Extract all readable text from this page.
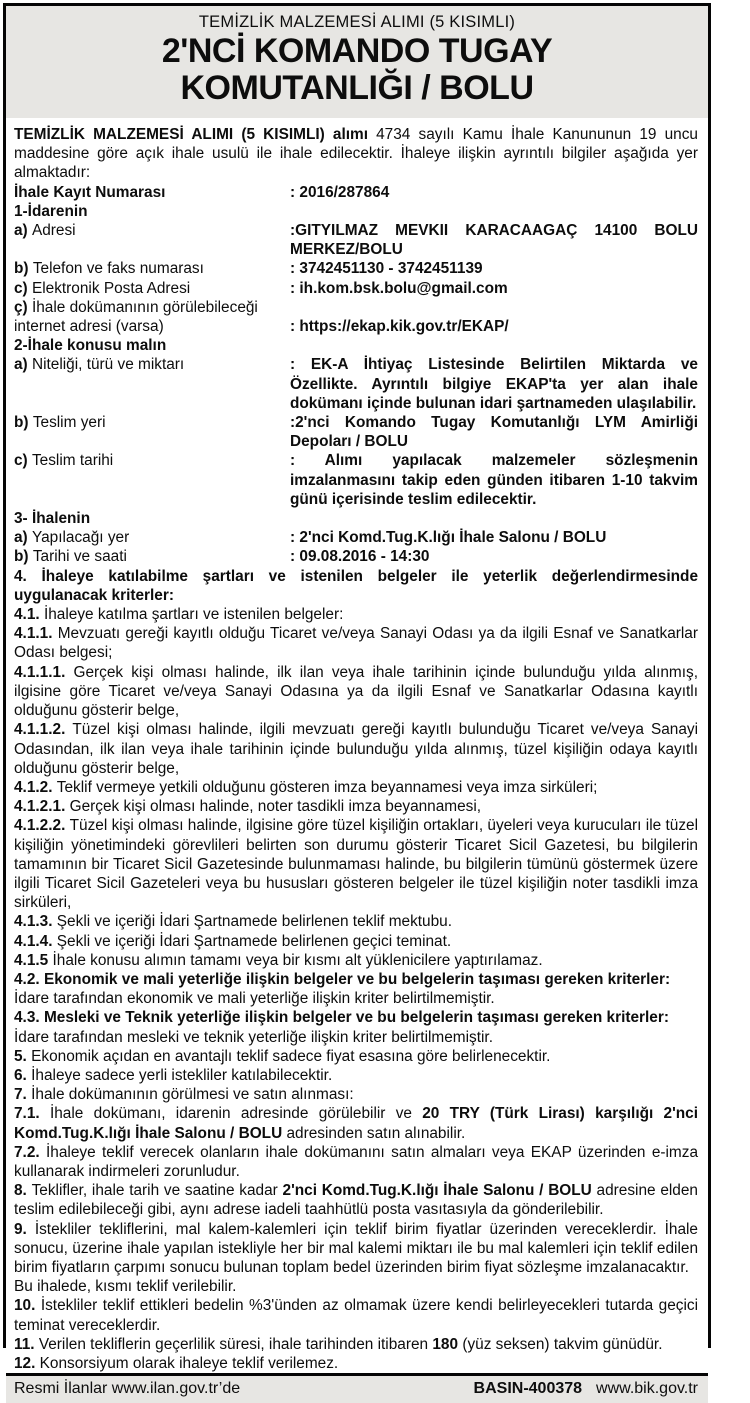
TEMİZLİK MALZEMESİ ALIMI (5 KISIMLI)
2'NCİ KOMANDO TUGAY
KOMUTANLIĞI / BOLU
TEMİZLİK MALZEMESİ ALIMI (5 KISIMLI) alımı 4734 sayılı Kamu İhale Kanununun 19 uncu maddesine göre açık ihale usulü ile ihale edilecektir. İhaleye ilişkin ayrıntılı bilgiler aşağıda yer almaktadır:
İhale Kayıt Numarası	: 2016/287864
1-İdarenin
a) Adresi	:GITYILMAZ MEVKII KARACAAGAÇ 14100 BOLU MERKEZ/BOLU
b) Telefon ve faks numarası	: 3742451130 - 3742451139
c) Elektronik Posta Adresi	: ih.kom.bsk.bolu@gmail.com
ç) İhale dokümanının görülebileceği internet adresi (varsa)	: https://ekap.kik.gov.tr/EKAP/
2-İhale konusu malın
a) Niteliği, türü ve miktarı	: EK-A İhtiyaç Listesinde Belirtilen Miktarda ve Özellikte. Ayrıntılı bilgiye EKAP'ta yer alan ihale dokümanı içinde bulunan idari şartnameden ulaşılabilir.
b) Teslim yeri	:2'nci Komando Tugay Komutanlığı LYM Amirliği Depoları / BOLU
c) Teslim tarihi	: Alımı yapılacak malzemeler sözleşmenin imzalanmasını takip eden günden itibaren 1-10 takvim günü içerisinde teslim edilecektir.
3- İhalenin
a) Yapılacağı yer	: 2'nci Komd.Tug.K.lığı İhale Salonu / BOLU
b) Tarihi ve saati	: 09.08.2016 - 14:30
4. İhaleye katılabilme şartları ve istenilen belgeler ile yeterlik değerlendirmesinde uygulanacak kriterler:
4.1. İhaleye katılma şartları ve istenilen belgeler:
4.1.1. Mevzuatı gereği kayıtlı olduğu Ticaret ve/veya Sanayi Odası ya da ilgili Esnaf ve Sanatkarlar Odası belgesi;
4.1.1.1. Gerçek kişi olması halinde, ilk ilan veya ihale tarihinin içinde bulunduğu yılda alınmış, ilgisine göre Ticaret ve/veya Sanayi Odasına ya da ilgili Esnaf ve Sanatkarlar Odasına kayıtlı olduğunu gösterir belge,
4.1.1.2. Tüzel kişi olması halinde, ilgili mevzuatı gereği kayıtlı bulunduğu Ticaret ve/veya Sanayi Odasından, ilk ilan veya ihale tarihinin içinde bulunduğu yılda alınmış, tüzel kişiliğin odaya kayıtlı olduğunu gösterir belge,
4.1.2. Teklif vermeye yetkili olduğunu gösteren imza beyannamesi veya imza sirküleri;
4.1.2.1. Gerçek kişi olması halinde, noter tasdikli imza beyannamesi,
4.1.2.2. Tüzel kişi olması halinde, ilgisine göre tüzel kişiliğin ortakları, üyeleri veya kurucuları ile tüzel kişiliğin yönetimindeki görevlileri belirten son durumu gösterir Ticaret Sicil Gazetesi, bu bilgilerin tamamının bir Ticaret Sicil Gazetesinde bulunmaması halinde, bu bilgilerin tümünü göstermek üzere ilgili Ticaret Sicil Gazeteleri veya bu hususları gösteren belgeler ile tüzel kişiliğin noter tasdikli imza sirküleri,
4.1.3. Şekli ve içeriği İdari Şartnamede belirlenen teklif mektubu.
4.1.4. Şekli ve içeriği İdari Şartnamede belirlenen geçici teminat.
4.1.5 İhale konusu alımın tamamı veya bir kısmı alt yüklenicilere yaptırılamaz.
4.2. Ekonomik ve mali yeterliğe ilişkin belgeler ve bu belgelerin taşıması gereken kriterler:
İdare tarafından ekonomik ve mali yeterliğe ilişkin kriter belirtilmemiştir.
4.3. Mesleki ve Teknik yeterliğe ilişkin belgeler ve bu belgelerin taşıması gereken kriterler:
İdare tarafından mesleki ve teknik yeterliğe ilişkin kriter belirtilmemiştir.
5. Ekonomik açıdan en avantajlı teklif sadece fiyat esasına göre belirlenecektir.
6. İhaleye sadece yerli istekliler katılabilecektir.
7. İhale dokümanının görülmesi ve satın alınması:
7.1. İhale dokümanı, idarenin adresinde görülebilir ve 20 TRY (Türk Lirası) karşılığı 2'nci Komd.Tug.K.lığı İhale Salonu / BOLU adresinden satın alınabilir.
7.2. İhaleye teklif verecek olanların ihale dokümanını satın almaları veya EKAP üzerinden e-imza kullanarak indirmeleri zorunludur.
8. Teklifler, ihale tarih ve saatine kadar 2'nci Komd.Tug.K.lığı İhale Salonu / BOLU adresine elden teslim edilebileceği gibi, aynı adrese iadeli taahhütlü posta vasıtasıyla da gönderilebilir.
9. İstekliler tekliflerini, mal kalem-kalemleri için teklif birim fiyatlar üzerinden vereceklerdir. İhale sonucu, üzerine ihale yapılan istekliyle her bir mal kalemi miktarı ile bu mal kalemleri için teklif edilen birim fiyatların çarpımı sonucu bulunan toplam bedel üzerinden birim fiyat sözleşme imzalanacaktır.
Bu ihalede, kısmı teklif verilebilir.
10. İstekliler teklif ettikleri bedelin %3'ünden az olmamak üzere kendi belirleyecekleri tutarda geçici teminat vereceklerdir.
11. Verilen tekliflerin geçerlilik süresi, ihale tarihinden itibaren 180 (yüz seksen) takvim günüdür.
12. Konsorsiyum olarak ihaleye teklif verilemez.
Resmi İlanlar www.ilan.gov.tr’de	BASIN-400378 www.bik.gov.tr
